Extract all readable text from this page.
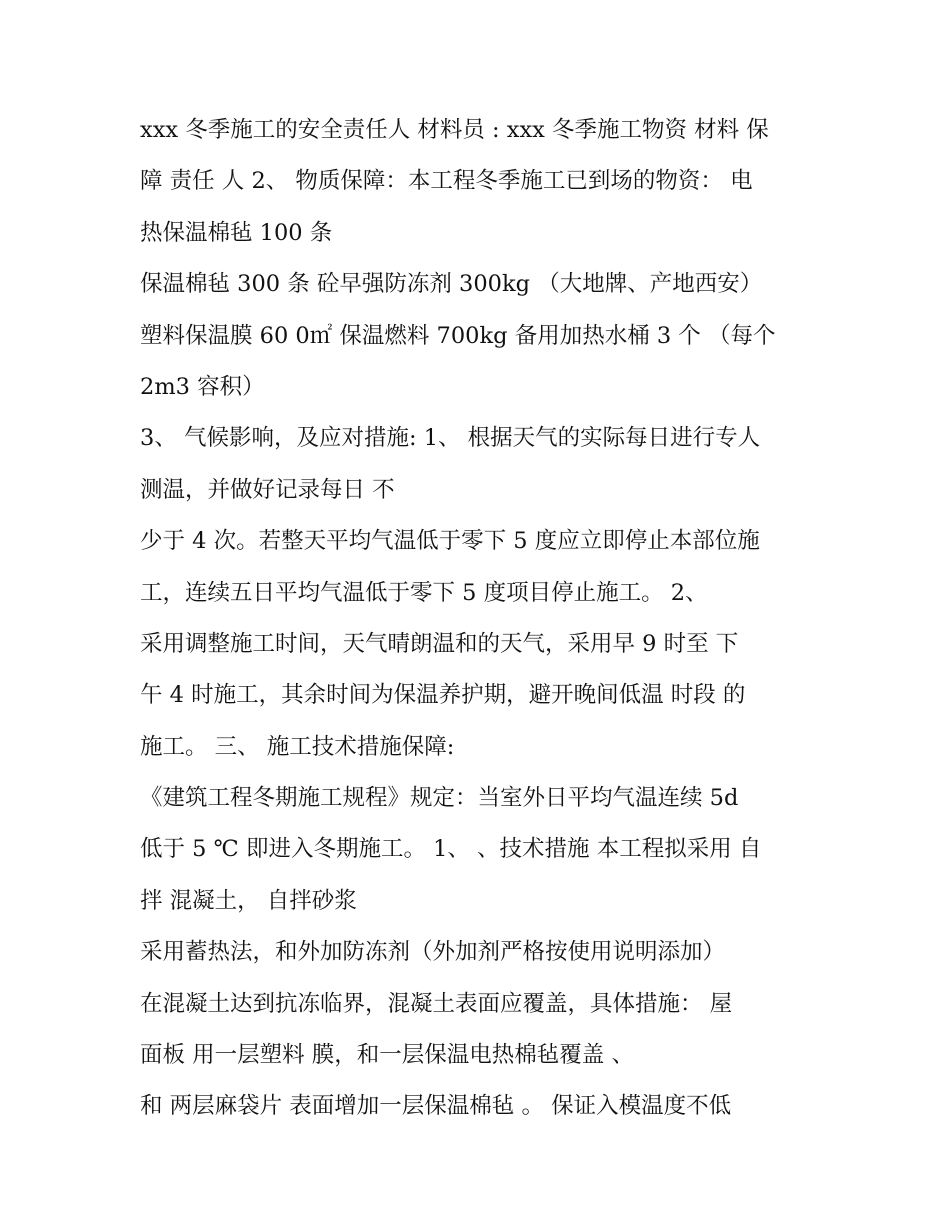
xxx 冬季施工的安全责任人 材料员 : xxx 冬季施工物资 材料 保
障 责任 人 2、 物质保障：本工程冬季施工已到场的物资： 电
热保温棉毡 100 条
保温棉毡 300 条 砼早强防冻剂 300kg （大地牌、产地西安）
塑料保温膜 60 0㎡ 保温燃料 700kg 备用加热水桶 3 个 （每个
2m3 容积）
3、 气候影响，及应对措施: 1、 根据天气的实际每日进行专人
测温，并做好记录每日 不
少于 4 次。若整天平均气温低于零下 5 度应立即停止本部位施
工，连续五日平均气温低于零下 5 度项目停止施工。 2、
采用调整施工时间，天气晴朗温和的天气，采用早 9 时至 下
午 4 时施工，其余时间为保温养护期，避开晚间低温 时段 的
施工。 三、 施工技术措施保障:
《建筑工程冬期施工规程》规定：当室外日平均气温连续 5d
低于 5 ℃ 即进入冬期施工。 1、 、技术措施 本工程拟采用 自
拌 混凝土， 自拌砂浆
采用蓄热法，和外加防冻剂（外加剂严格按使用说明添加）
在混凝土达到抗冻临界，混凝土表面应覆盖，具体措施： 屋
面板 用一层塑料 膜，和一层保温电热棉毡覆盖 、
和 两层麻袋片 表面增加一层保温棉毡 。 保证入模温度不低
